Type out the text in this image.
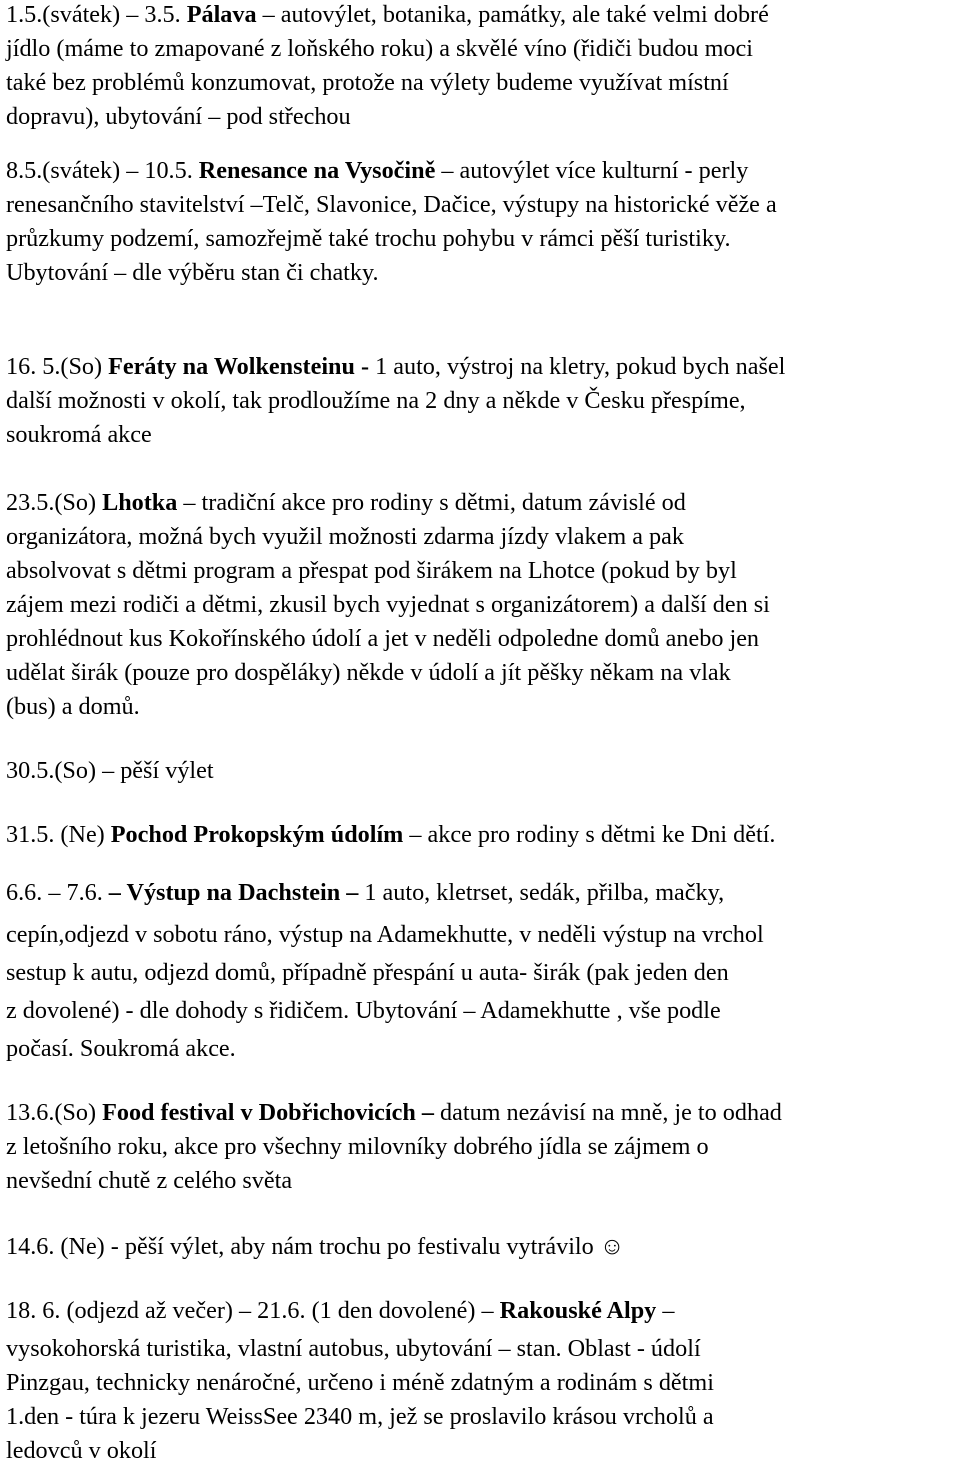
1.5.(svátek) – 3.5. Pálava – autovýlet, botanika, památky, ale také velmi dobré
jídlo (máme to zmapované z loňského roku) a skvělé víno (řidiči budou moci
také bez problémů konzumovat, protože na výlety budeme využívat místní
dopravu), ubytování – pod střechou
8.5.(svátek) – 10.5. Renesance na Vysočině – autovýlet více kulturní - perly
renesančního stavitelství –Telč, Slavonice, Dačice, výstupy na historické věže a
průzkumy podzemí, samozřejmě také trochu pohybu v rámci pěší turistiky.
Ubytování – dle výběru stan či chatky.
16. 5.(So) Feráty na Wolkensteinu - 1 auto, výstroj na kletry, pokud bych našel
další možnosti v okolí, tak prodloužíme na 2 dny a někde v Česku přespíme,
soukromá akce
23.5.(So) Lhotka – tradiční akce pro rodiny s dětmi, datum závislé od
organizátora, možná bych využil možnosti zdarma jízdy vlakem a pak
absolvovat s dětmi program a přespat pod širákem na Lhotce (pokud by byl
zájem mezi rodiči a dětmi, zkusil bych vyjednat s organizátorem) a další den si
prohlédnout kus Kokořínského údolí a jet v neděli odpoledne domů anebo jen
udělat širák (pouze pro dospěláky) někde v údolí a jít pěšky někam na vlak
(bus) a domů.
30.5.(So) – pěší výlet
31.5. (Ne) Pochod Prokopským údolím – akce pro rodiny s dětmi ke Dni dětí.
6.6. – 7.6. – Výstup na Dachstein – 1 auto, kletrset, sedák, přilba, mačky,
cepín,odjezd v sobotu ráno, výstup na Adamekhutte, v neděli výstup na vrchol
sestup k autu, odjezd domů, případně přespání u auta- širák (pak jeden den
z dovolené) - dle dohody s řidičem. Ubytování – Adamekhutte , vše podle
počasí. Soukromá akce.
13.6.(So) Food festival v Dobřichovicích – datum nezávisí na mně, je to odhad
z letošního roku, akce pro všechny milovníky dobrého jídla se zájmem o
nevšední chutě z celého světa
14.6. (Ne) - pěší výlet, aby nám trochu po festivalu vytrávilo ☺
18. 6. (odjezd až večer) – 21.6. (1 den dovolené) – Rakouské Alpy –
vysokohorská turistika, vlastní autobus, ubytování – stan. Oblast - údolí
Pinzgau, technicky nenáročné, určeno i méně zdatným a rodinám s dětmi
1.den - túra k jezeru WeissSee 2340 m, jež se proslavilo krásou vrcholů a
ledovců v okolí
